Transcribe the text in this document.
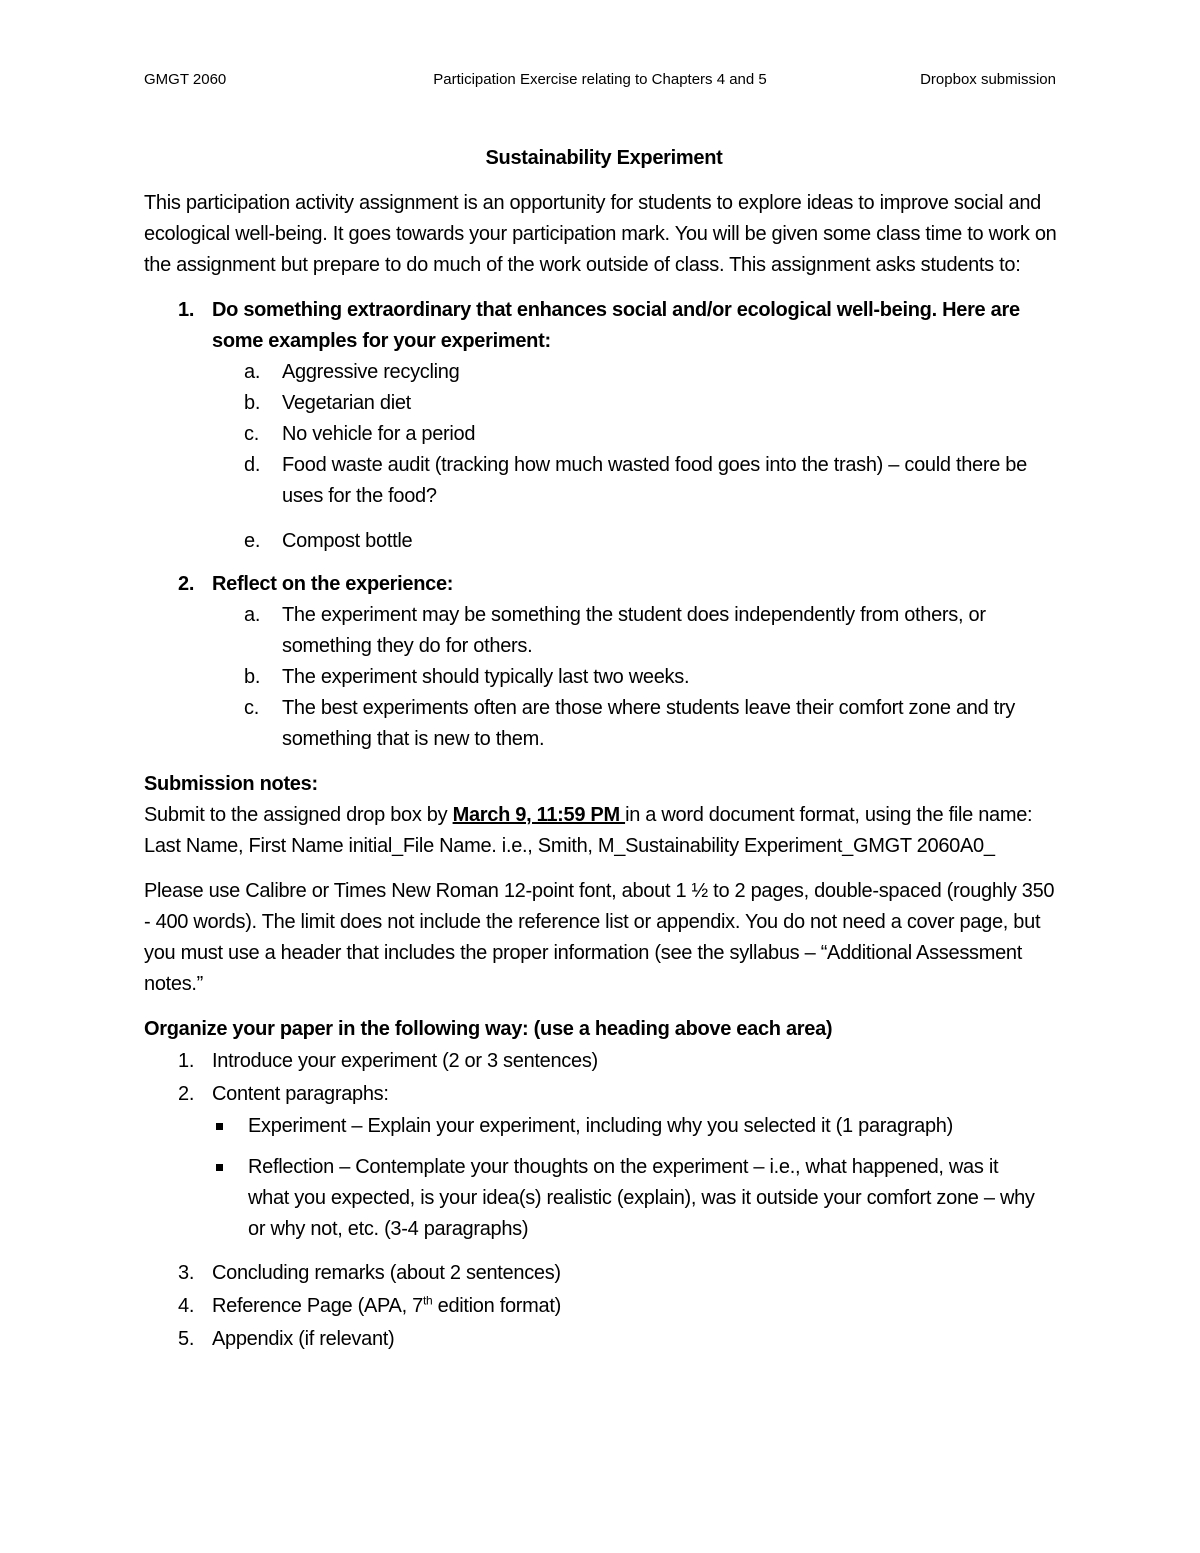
GMGT 2060	Participation Exercise relating to Chapters 4 and 5	Dropbox submission

Sustainability Experiment

This participation activity assignment is an opportunity for students to explore ideas to improve social and ecological well-being. It goes towards your participation mark. You will be given some class time to work on the assignment but prepare to do much of the work outside of class. This assignment asks students to:

1. Do something extraordinary that enhances social and/or ecological well-being. Here are some examples for your experiment:
a.	Aggressive recycling
b.	Vegetarian diet
c.	No vehicle for a period
d.	Food waste audit (tracking how much wasted food goes into the trash) – could there be uses for the food?
e.	Compost bottle
2. Reflect on the experience:
a.	The experiment may be something the student does independently from others, or something they do for others.
b.	The experiment should typically last two weeks.
c.	The best experiments often are those where students leave their comfort zone and try something that is new to them.

Submission notes:

Submit to the assigned drop box by March 9, 11:59 PM in a word document format, using the file name: Last Name, First Name initial_File Name. i.e., Smith, M_Sustainability Experiment_GMGT 2060A0_

Please use Calibre or Times New Roman 12-point font, about 1 ½ to 2 pages, double-spaced (roughly 350 - 400 words). The limit does not include the reference list or appendix. You do not need a cover page, but you must use a header that includes the proper information (see the syllabus – “Additional Assessment notes.”

Organize your paper in the following way: (use a heading above each area)

1. Introduce your experiment (2 or 3 sentences)
2. Content paragraphs:
Experiment – Explain your experiment, including why you selected it (1 paragraph)
Reflection – Contemplate your thoughts on the experiment – i.e., what happened, was it what you expected, is your idea(s) realistic (explain), was it outside your comfort zone – why or why not, etc. (3-4 paragraphs)
3. Concluding remarks (about 2 sentences)
4. Reference Page (APA, 7th edition format)
5. Appendix (if relevant)
